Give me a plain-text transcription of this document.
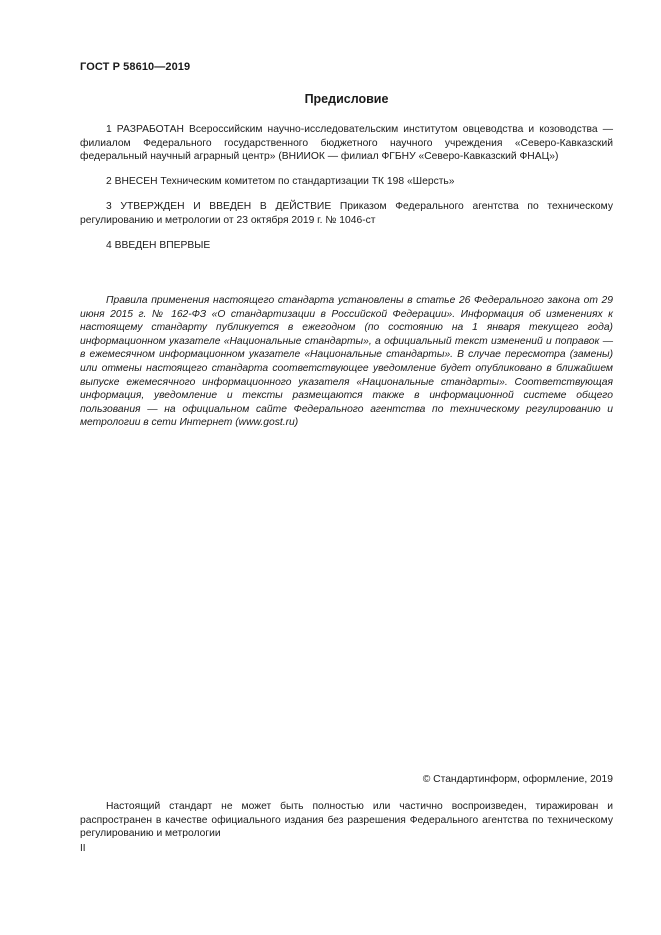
ГОСТ Р 58610—2019
Предисловие

1 РАЗРАБОТАН Всероссийским научно-исследовательским институтом овцеводства и козоводства — филиалом Федерального государственного бюджетного научного учреждения «Северо-Кавказский федеральный научный аграрный центр» (ВНИИОК — филиал ФГБНУ «Северо-Кавказский ФНАЦ»)

2 ВНЕСЕН Техническим комитетом по стандартизации ТК 198 «Шерсть»

3 УТВЕРЖДЕН И ВВЕДЕН В ДЕЙСТВИЕ Приказом Федерального агентства по техническому регулированию и метрологии от 23 октября 2019 г. № 1046-ст

4 ВВЕДЕН ВПЕРВЫЕ

Правила применения настоящего стандарта установлены в статье 26 Федерального закона от 29 июня 2015 г. № 162-ФЗ «О стандартизации в Российской Федерации». Информация об изменениях к настоящему стандарту публикуется в ежегодном (по состоянию на 1 января текущего года) информационном указателе «Национальные стандарты», а официальный текст изменений и поправок — в ежемесячном информационном указателе «Национальные стандарты». В случае пересмотра (замены) или отмены настоящего стандарта соответствующее уведомление будет опубликовано в ближайшем выпуске ежемесячного информационного указателя «Национальные стандарты». Соответствующая информация, уведомление и тексты размещаются также в информационной системе общего пользования — на официальном сайте Федерального агентства по техническому регулированию и метрологии в сети Интернет (www.gost.ru)

© Стандартинформ, оформление, 2019

Настоящий стандарт не может быть полностью или частично воспроизведен, тиражирован и распространен в качестве официального издания без разрешения Федерального агентства по техническому регулированию и метрологии

II
